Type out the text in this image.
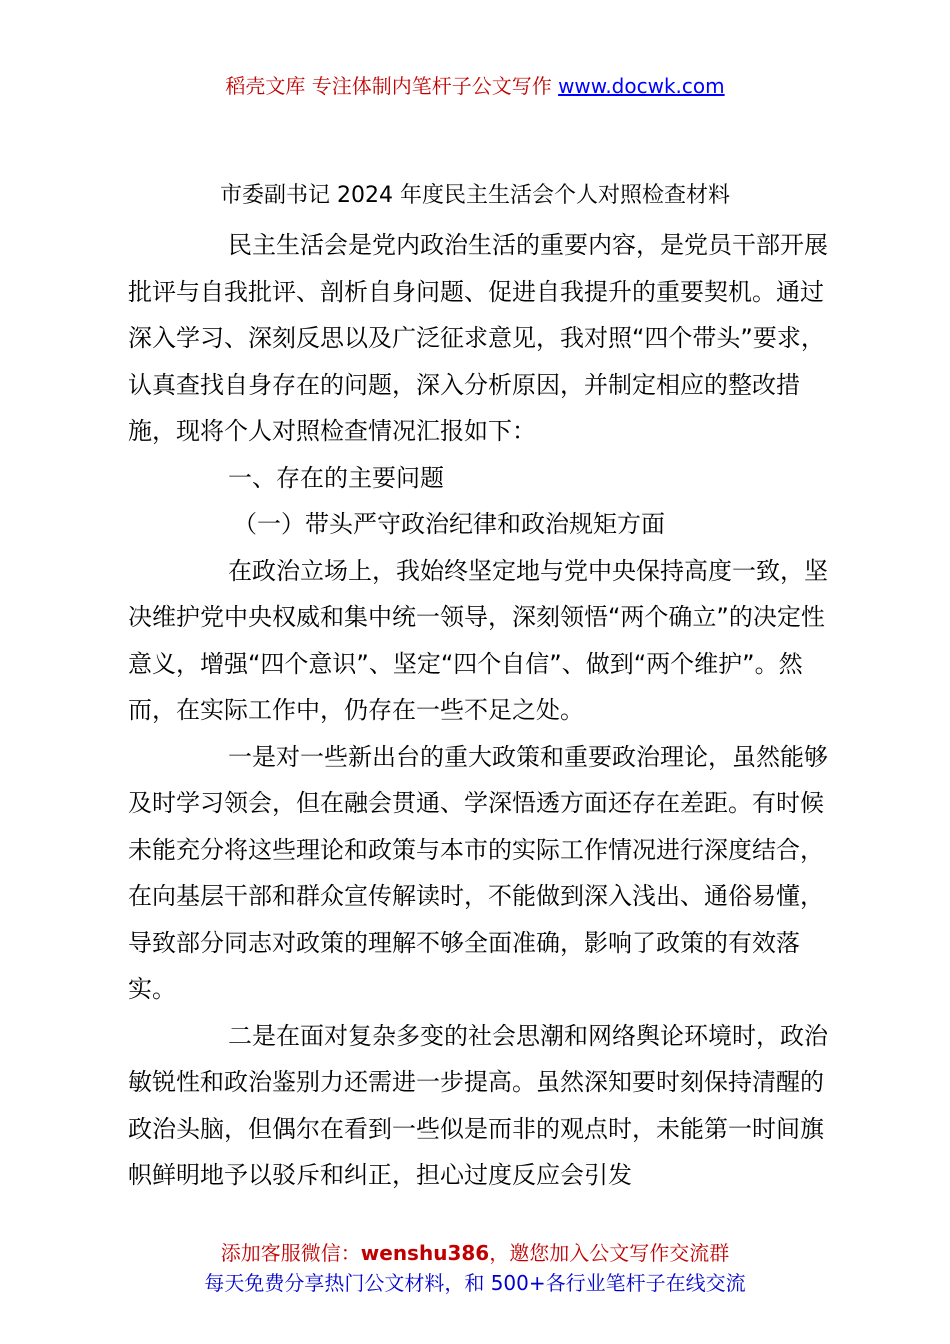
稻壳文库 专注体制内笔杆子公文写作 www.docwk.com
市委副书记 2024 年度民主生活会个人对照检查材料

民主生活会是党内政治生活的重要内容，是党员干部开展批评与自我批评、剖析自身问题、促进自我提升的重要契机。通过深入学习、深刻反思以及广泛征求意见，我对照“四个带头”要求，认真查找自身存在的问题，深入分析原因，并制定相应的整改措施，现将个人对照检查情况汇报如下：

一、存在的主要问题

（一）带头严守政治纪律和政治规矩方面

在政治立场上，我始终坚定地与党中央保持高度一致，坚决维护党中央权威和集中统一领导，深刻领悟“两个确立”的决定性意义，增强“四个意识”、坚定“四个自信”、做到“两个维护”。然而，在实际工作中，仍存在一些不足之处。

一是对一些新出台的重大政策和重要政治理论，虽然能够及时学习领会，但在融会贯通、学深悟透方面还存在差距。有时候未能充分将这些理论和政策与本市的实际工作情况进行深度结合，在向基层干部和群众宣传解读时，不能做到深入浅出、通俗易懂，导致部分同志对政策的理解不够全面准确，影响了政策的有效落实。

二是在面对复杂多变的社会思潮和网络舆论环境时，政治敏锐性和政治鉴别力还需进一步提高。虽然深知要时刻保持清醒的政治头脑，但偶尔在看到一些似是而非的观点时，未能第一时间旗帜鲜明地予以驳斥和纠正，担心过度反应会引发

添加客服微信：wenshu386，邀您加入公文写作交流群
每天免费分享热门公文材料，和 500+各行业笔杆子在线交流
